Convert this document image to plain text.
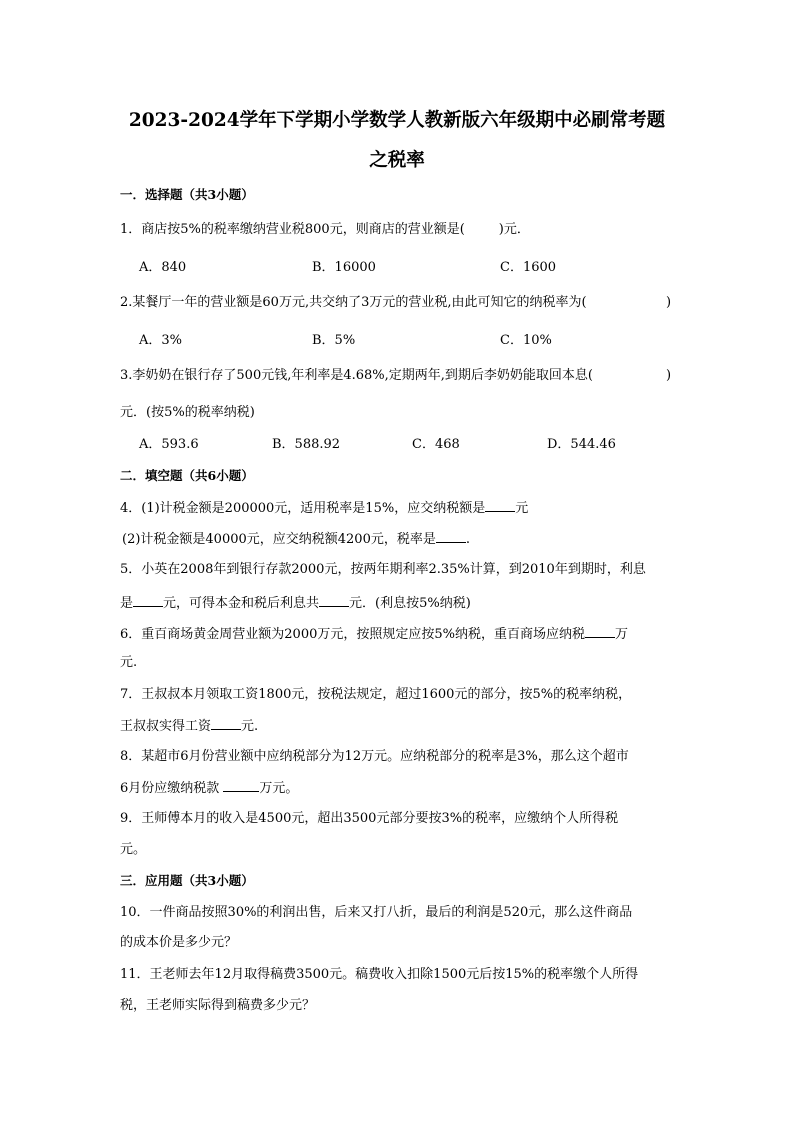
2023-2024学年下学期小学数学人教新版六年级期中必刷常考题
之税率
一．选择题（共3小题）
1．商店按5%的税率缴纳营业税800元，则商店的营业额是(	)元．
A．840	B．16000	C．1600
2.某餐厅一年的营业额是60万元,共交纳了3万元的营业税,由此可知它的纳税率为(	)
A．3%	B．5%	C．10%
3.李奶奶在银行存了500元钱,年利率是4.68%,定期两年,到期后李奶奶能取回本息(	)
元．(按5%的税率纳税)
A．593.6	B．588.92	C．468	D．544.46
二．填空题（共6小题）
4．(1)计税金额是200000元，适用税率是15%，应交纳税额是 元
(2)计税金额是40000元，应交纳税额4200元，税率是 .
5．小英在2008年到银行存款2000元，按两年期利率2.35%计算，到2010年到期时，利息
是 元，可得本金和税后利息共 元．(利息按5%纳税)
6．重百商场黄金周营业额为2000万元，按照规定应按5%纳税，重百商场应纳税 万
元.
7．王叔叔本月领取工资1800元，按税法规定，超过1600元的部分，按5%的税率纳税，
王叔叔实得工资 元.
8．某超市6月份营业额中应纳税部分为12万元。应纳税部分的税率是3%，那么这个超市
6月份应缴纳税款	万元。
9．王师傅本月的收入是4500元，超出3500元部分要按3%的税率，应缴纳个人所得税
元。
三．应用题（共3小题）
10．一件商品按照30%的利润出售，后来又打八折，最后的利润是520元，那么这件商品
的成本价是多少元？
11．王老师去年12月取得稿费3500元。稿费收入扣除1500元后按15%的税率缴个人所得
税，王老师实际得到稿费多少元？
